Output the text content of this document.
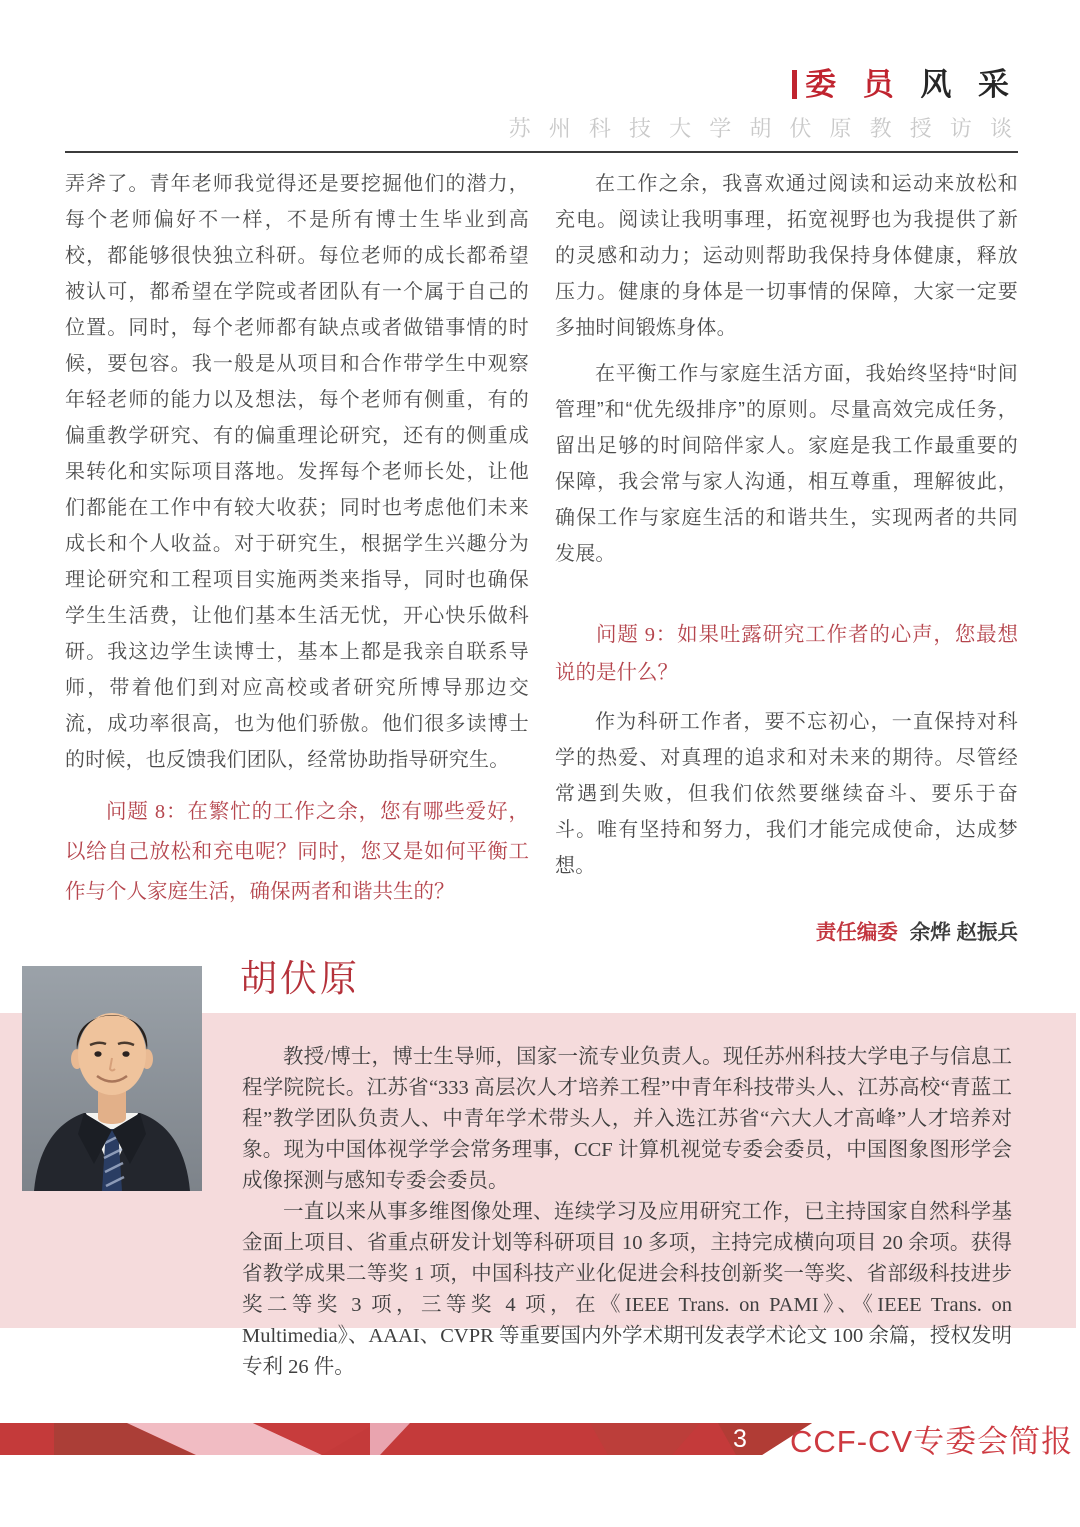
委 员 风 采
苏 州 科 技 大 学 胡 伏 原 教 授 访 谈

弄斧了。青年老师我觉得还是要挖掘他们的潜力，每个老师偏好不一样，不是所有博士生毕业到高校，都能够很快独立科研。每位老师的成长都希望被认可，都希望在学院或者团队有一个属于自己的位置。同时，每个老师都有缺点或者做错事情的时候，要包容。我一般是从项目和合作带学生中观察年轻老师的能力以及想法，每个老师有侧重，有的偏重教学研究、有的偏重理论研究，还有的侧重成果转化和实际项目落地。发挥每个老师长处，让他们都能在工作中有较大收获；同时也考虑他们未来成长和个人收益。对于研究生，根据学生兴趣分为理论研究和工程项目实施两类来指导，同时也确保学生生活费，让他们基本生活无忧，开心快乐做科研。我这边学生读博士，基本上都是我亲自联系导师，带着他们到对应高校或者研究所博导那边交流，成功率很高，也为他们骄傲。他们很多读博士的时候，也反馈我们团队，经常协助指导研究生。

问题 8：在繁忙的工作之余，您有哪些爱好，以给自己放松和充电呢？同时，您又是如何平衡工作与个人家庭生活，确保两者和谐共生的？

在工作之余，我喜欢通过阅读和运动来放松和充电。阅读让我明事理，拓宽视野也为我提供了新的灵感和动力；运动则帮助我保持身体健康，释放压力。健康的身体是一切事情的保障，大家一定要多抽时间锻炼身体。

在平衡工作与家庭生活方面，我始终坚持“时间管理”和“优先级排序”的原则。尽量高效完成任务，留出足够的时间陪伴家人。家庭是我工作最重要的保障，我会常与家人沟通，相互尊重，理解彼此，确保工作与家庭生活的和谐共生，实现两者的共同发展。

问题 9：如果吐露研究工作者的心声，您最想说的是什么？

作为科研工作者，要不忘初心，一直保持对科学的热爱、对真理的追求和对未来的期待。尽管经常遇到失败，但我们依然要继续奋斗、要乐于奋斗。唯有坚持和努力，我们才能完成使命，达成梦想。

责任编委 余烨 赵振兵
胡伏原

教授/博士，博士生导师，国家一流专业负责人。现任苏州科技大学电子与信息工程学院院长。江苏省“333 高层次人才培养工程”中青年科技带头人、江苏高校“青蓝工程”教学团队负责人、中青年学术带头人，并入选江苏省“六大人才高峰”人才培养对象。现为中国体视学学会常务理事，CCF 计算机视觉专委会委员，中国图象图形学会成像探测与感知专委会委员。

一直以来从事多维图像处理、连续学习及应用研究工作，已主持国家自然科学基金面上项目、省重点研发计划等科研项目 10 多项，主持完成横向项目 20 余项。获得省教学成果二等奖 1 项，中国科技产业化促进会科技创新奖一等奖、省部级科技进步奖二等奖 3 项，三等奖 4 项，在《IEEE Trans. on PAMI》、《IEEE Trans. on Multimedia》、AAAI、CVPR 等重要国内外学术期刊发表学术论文 100 余篇，授权发明专利 26 件。

3 CCF-CV专委会简报
